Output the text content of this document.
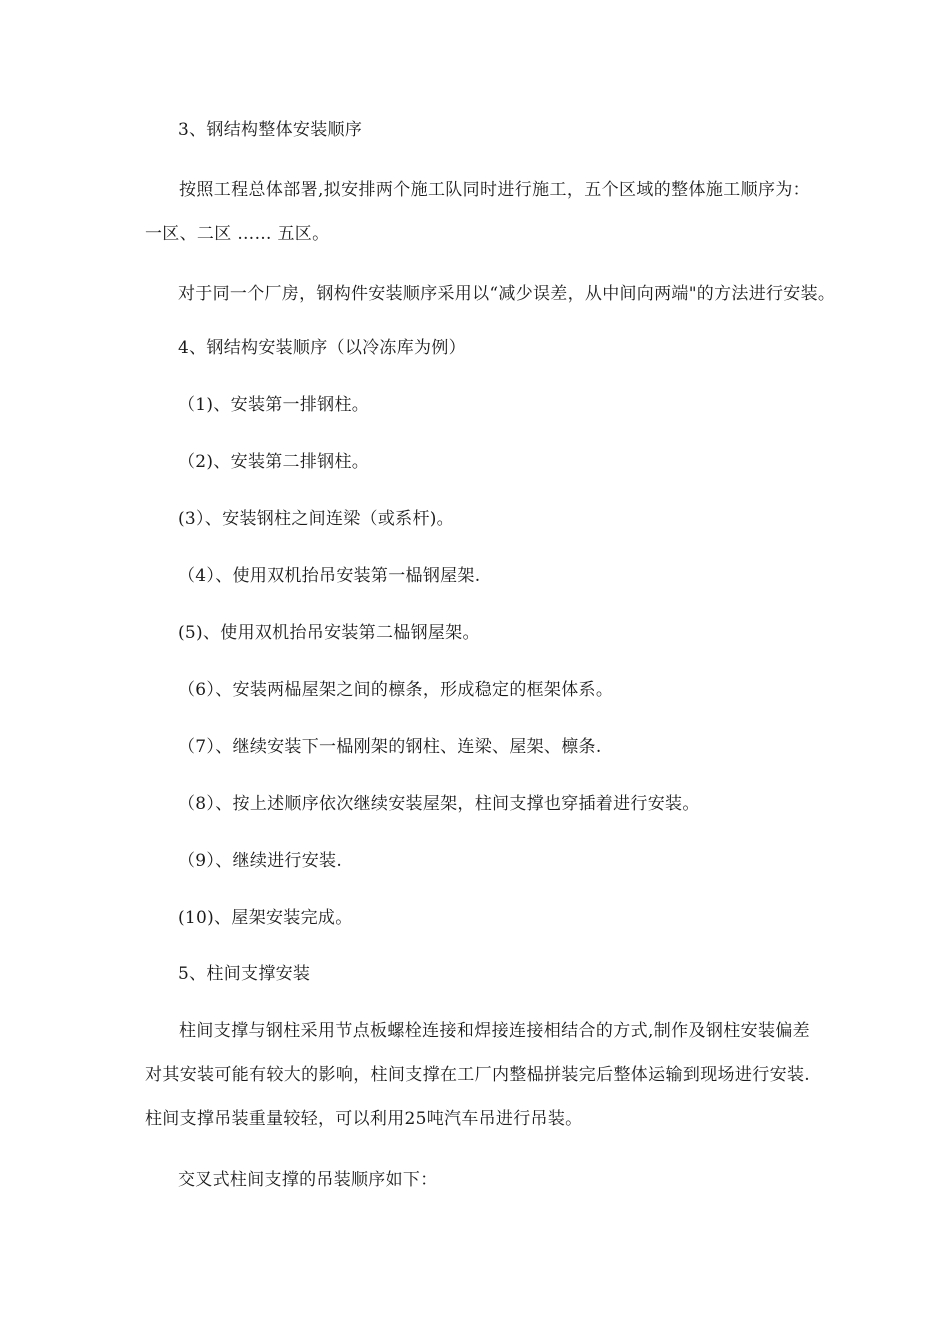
3、钢结构整体安装顺序
按照工程总体部署,拟安排两个施工队同时进行施工，五个区域的整体施工顺序为：一区、二区 …… 五区。
对于同一个厂房，钢构件安装顺序采用以“减少误差，从中间向两端"的方法进行安装。
4、钢结构安装顺序（以冷冻库为例）
（1)、安装第一排钢柱。
（2)、安装第二排钢柱。
(3）、安装钢柱之间连梁（或系杆)。
（4）、使用双机抬吊安装第一榀钢屋架.
(5)、使用双机抬吊安装第二榀钢屋架。
（6）、安装两榀屋架之间的檩条，形成稳定的框架体系。
（7）、继续安装下一榀刚架的钢柱、连梁、屋架、檩条.
（8）、按上述顺序依次继续安装屋架，柱间支撑也穿插着进行安装。
（9）、继续进行安装.
(10)、屋架安装完成。
5、柱间支撑安装
柱间支撑与钢柱采用节点板螺栓连接和焊接连接相结合的方式,制作及钢柱安装偏差对其安装可能有较大的影响，柱间支撑在工厂内整榀拼装完后整体运输到现场进行安装.柱间支撑吊装重量较轻，可以利用25吨汽车吊进行吊装。
交叉式柱间支撑的吊装顺序如下：
